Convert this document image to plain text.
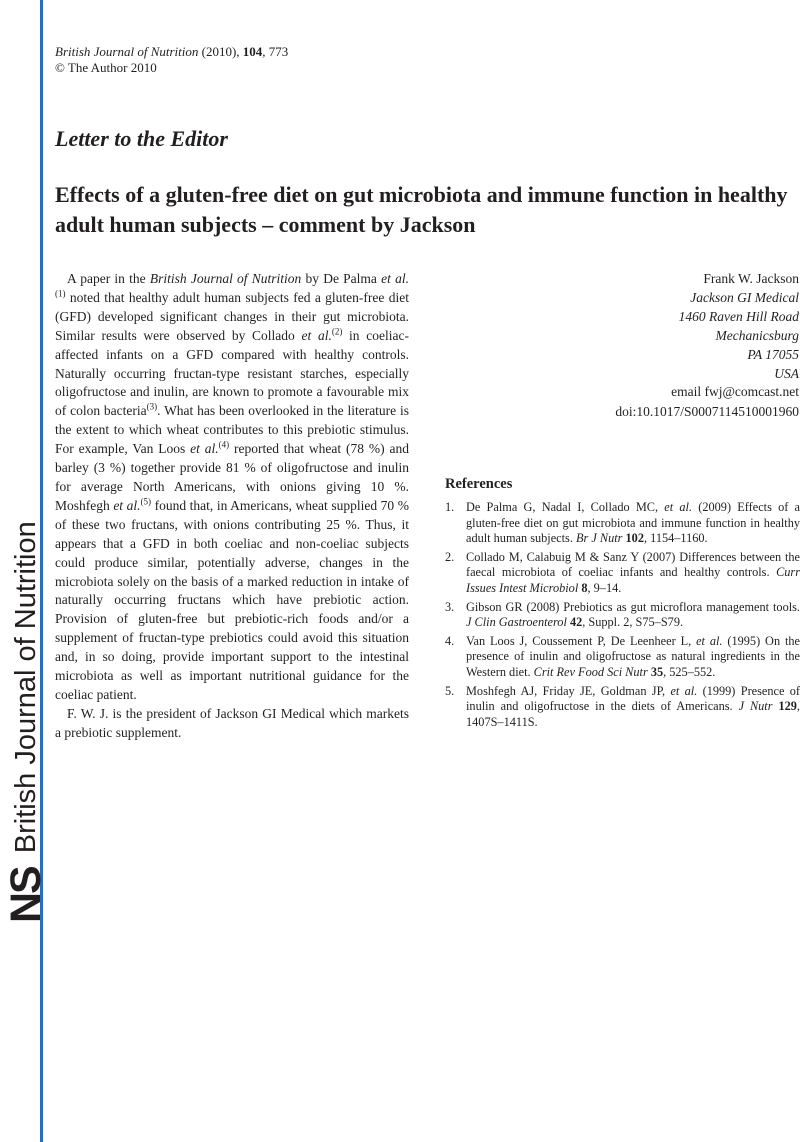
NS
British Journal of Nutrition
British Journal of Nutrition (2010), 104, 773
© The Author 2010
Letter to the Editor
Effects of a gluten-free diet on gut microbiota and immune function in healthy adult human subjects – comment by Jackson

A paper in the British Journal of Nutrition by De Palma et al.$^{(1)}$ noted that healthy adult human subjects fed a gluten-free diet (GFD) developed significant changes in their gut microbiota. Similar results were observed by Collado et al.$^{(2)}$ in coeliac-affected infants on a GFD compared with healthy controls. Naturally occurring fructan-type resistant starches, especially oligofructose and inulin, are known to promote a favourable mix of colon bacteria$^{(3)}$. What has been overlooked in the literature is the extent to which wheat contributes to this prebiotic stimulus. For example, Van Loos et al.$^{(4)}$ reported that wheat (78 %) and barley (3 %) together provide 81 % of oligofructose and inulin for average North Americans, with onions giving 10 %. Moshfegh et al.$^{(5)}$ found that, in Americans, wheat supplied 70 % of these two fructans, with onions contributing 25 %. Thus, it appears that a GFD in both coeliac and non-coeliac subjects could produce similar, potentially adverse, changes in the microbiota solely on the basis of a marked reduction in intake of naturally occurring fructans which have prebiotic action. Provision of gluten-free but prebiotic-rich foods and/or a supplement of fructan-type prebiotics could avoid this situation and, in so doing, provide important support to the intestinal microbiota as well as important nutritional guidance for the coeliac patient.

F. W. J. is the president of Jackson GI Medical which markets a prebiotic supplement.

Frank W. Jackson
Jackson GI Medical
1460 Raven Hill Road
Mechanicsburg
PA 17055
USA
email fwj@comcast.net
doi:10.1017/S0007114510001960
References
1. De Palma G, Nadal I, Collado MC, et al. (2009) Effects of a gluten-free diet on gut microbiota and immune function in healthy adult human subjects. Br J Nutr 102, 1154–1160.
2. Collado M, Calabuig M & Sanz Y (2007) Differences between the faecal microbiota of coeliac infants and healthy controls. Curr Issues Intest Microbiol 8, 9–14.
3. Gibson GR (2008) Prebiotics as gut microflora management tools. J Clin Gastroenterol 42, Suppl. 2, S75–S79.
4. Van Loos J, Coussement P, De Leenheer L, et al. (1995) On the presence of inulin and oligofructose as natural ingredients in the Western diet. Crit Rev Food Sci Nutr 35, 525–552.
5. Moshfegh AJ, Friday JE, Goldman JP, et al. (1999) Presence of inulin and oligofructose in the diets of Americans. J Nutr 129, 1407S–1411S.
